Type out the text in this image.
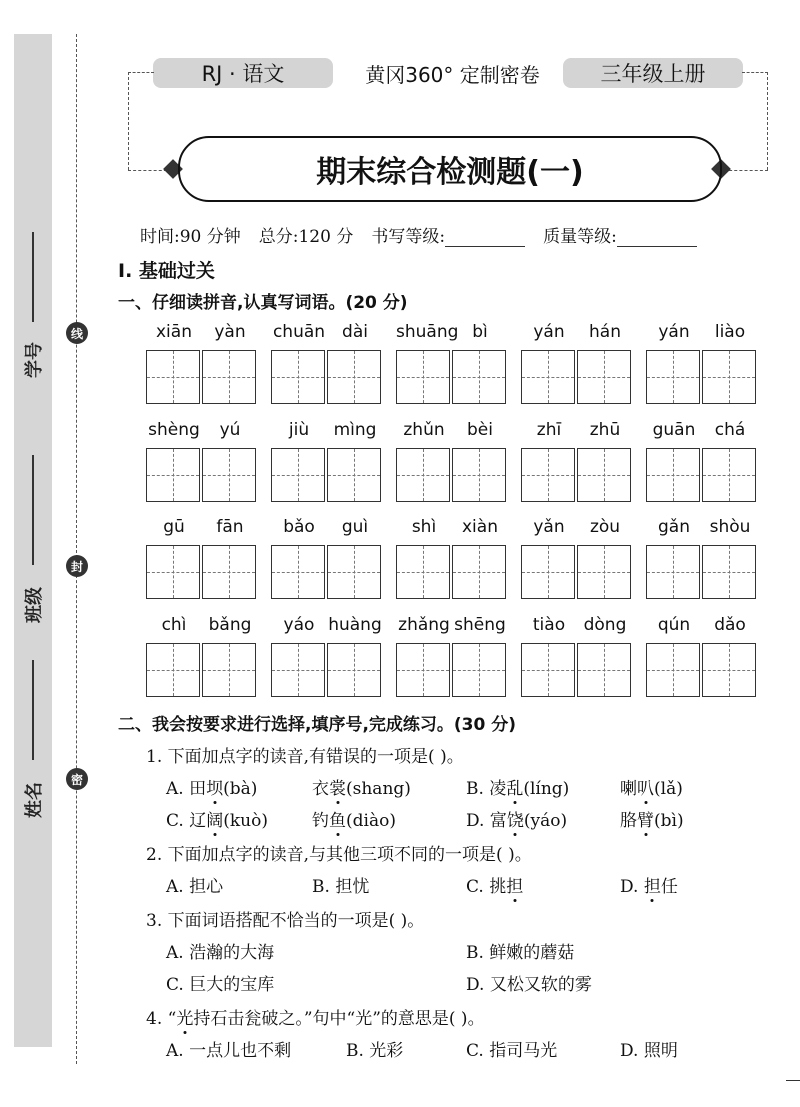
学号
班级
姓名
线
封
密
RJ · 语文	黄冈360° 定制密卷	三年级上册
期末综合检测题(一)
时间:90 分钟 总分:120 分 书写等级:	质量等级:
Ⅰ. 基础过关
一、仔细读拼音,认真写词语。(20 分)
xiān	yàn	chuān dài	shuāng bì	yán	hán	yán	liào
shèng	yú	jiù	mìng	zhǔn	bèi	zhī	zhū	guān	chá
gū	fān	bǎo	guì	shì	xiàn	yǎn	zòu	gǎn	shòu
chì	bǎng	yáo huàng zhǎng shēng	tiào	dòng	qún	dǎo
二、我会按要求进行选择,填序号,完成练习。(30 分)
1. 下面加点字的读音,有错误的一项是( )。
A. 田坝(bà)	衣裳(shang)	B. 凌乱(líng)	喇叭(lǎ)
C. 辽阔(kuò)	钓鱼(diào)	D. 富饶(yáo)	胳臂(bì)
2. 下面加点字的读音,与其他三项不同的一项是( )。
A. 担心	B. 担忧	C. 挑担	D. 担任
3. 下面词语搭配不恰当的一项是( )。
A. 浩瀚的大海	B. 鲜嫩的蘑菇
C. 巨大的宝库	D. 又松又软的雾
4. “光持石击瓮破之。”句中“光”的意思是( )。
A. 一点儿也不剩	B. 光彩	C. 指司马光	D. 照明
